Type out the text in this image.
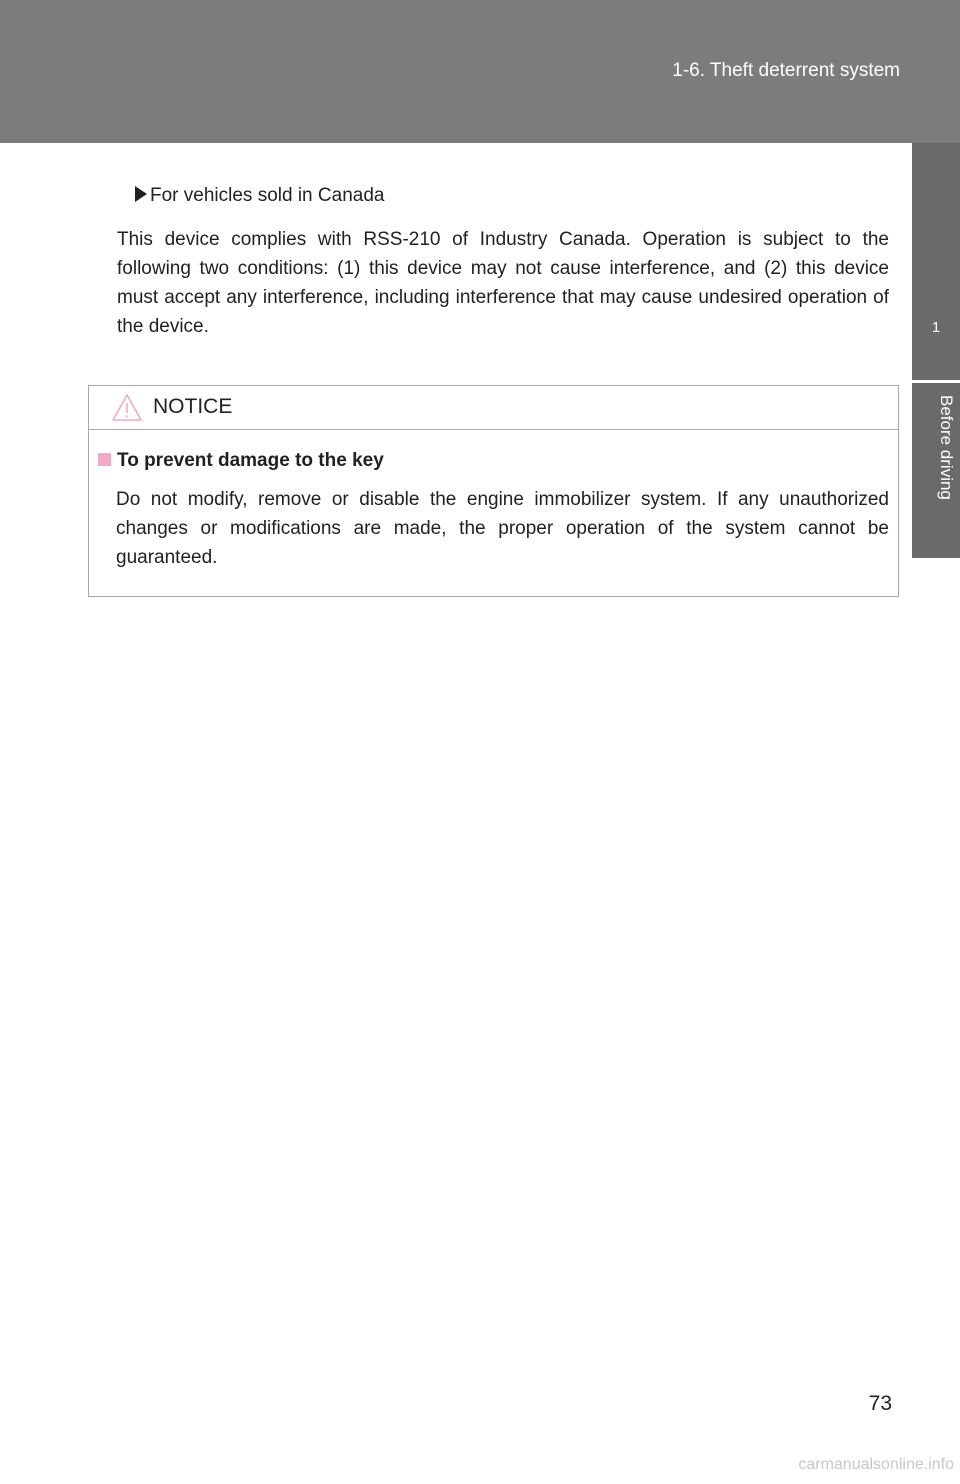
1-6. Theft deterrent system
1
Before driving
For vehicles sold in Canada
This device complies with RSS-210 of Industry Canada. Operation is subject to the following two conditions: (1) this device may not cause interference, and (2) this device must accept any interference, including interference that may cause undesired operation of the device.
NOTICE
To prevent damage to the key
Do not modify, remove or disable the engine immobilizer system. If any unauthorized changes or modifications are made, the proper operation of the system cannot be guaranteed.
73
carmanualsonline.info
